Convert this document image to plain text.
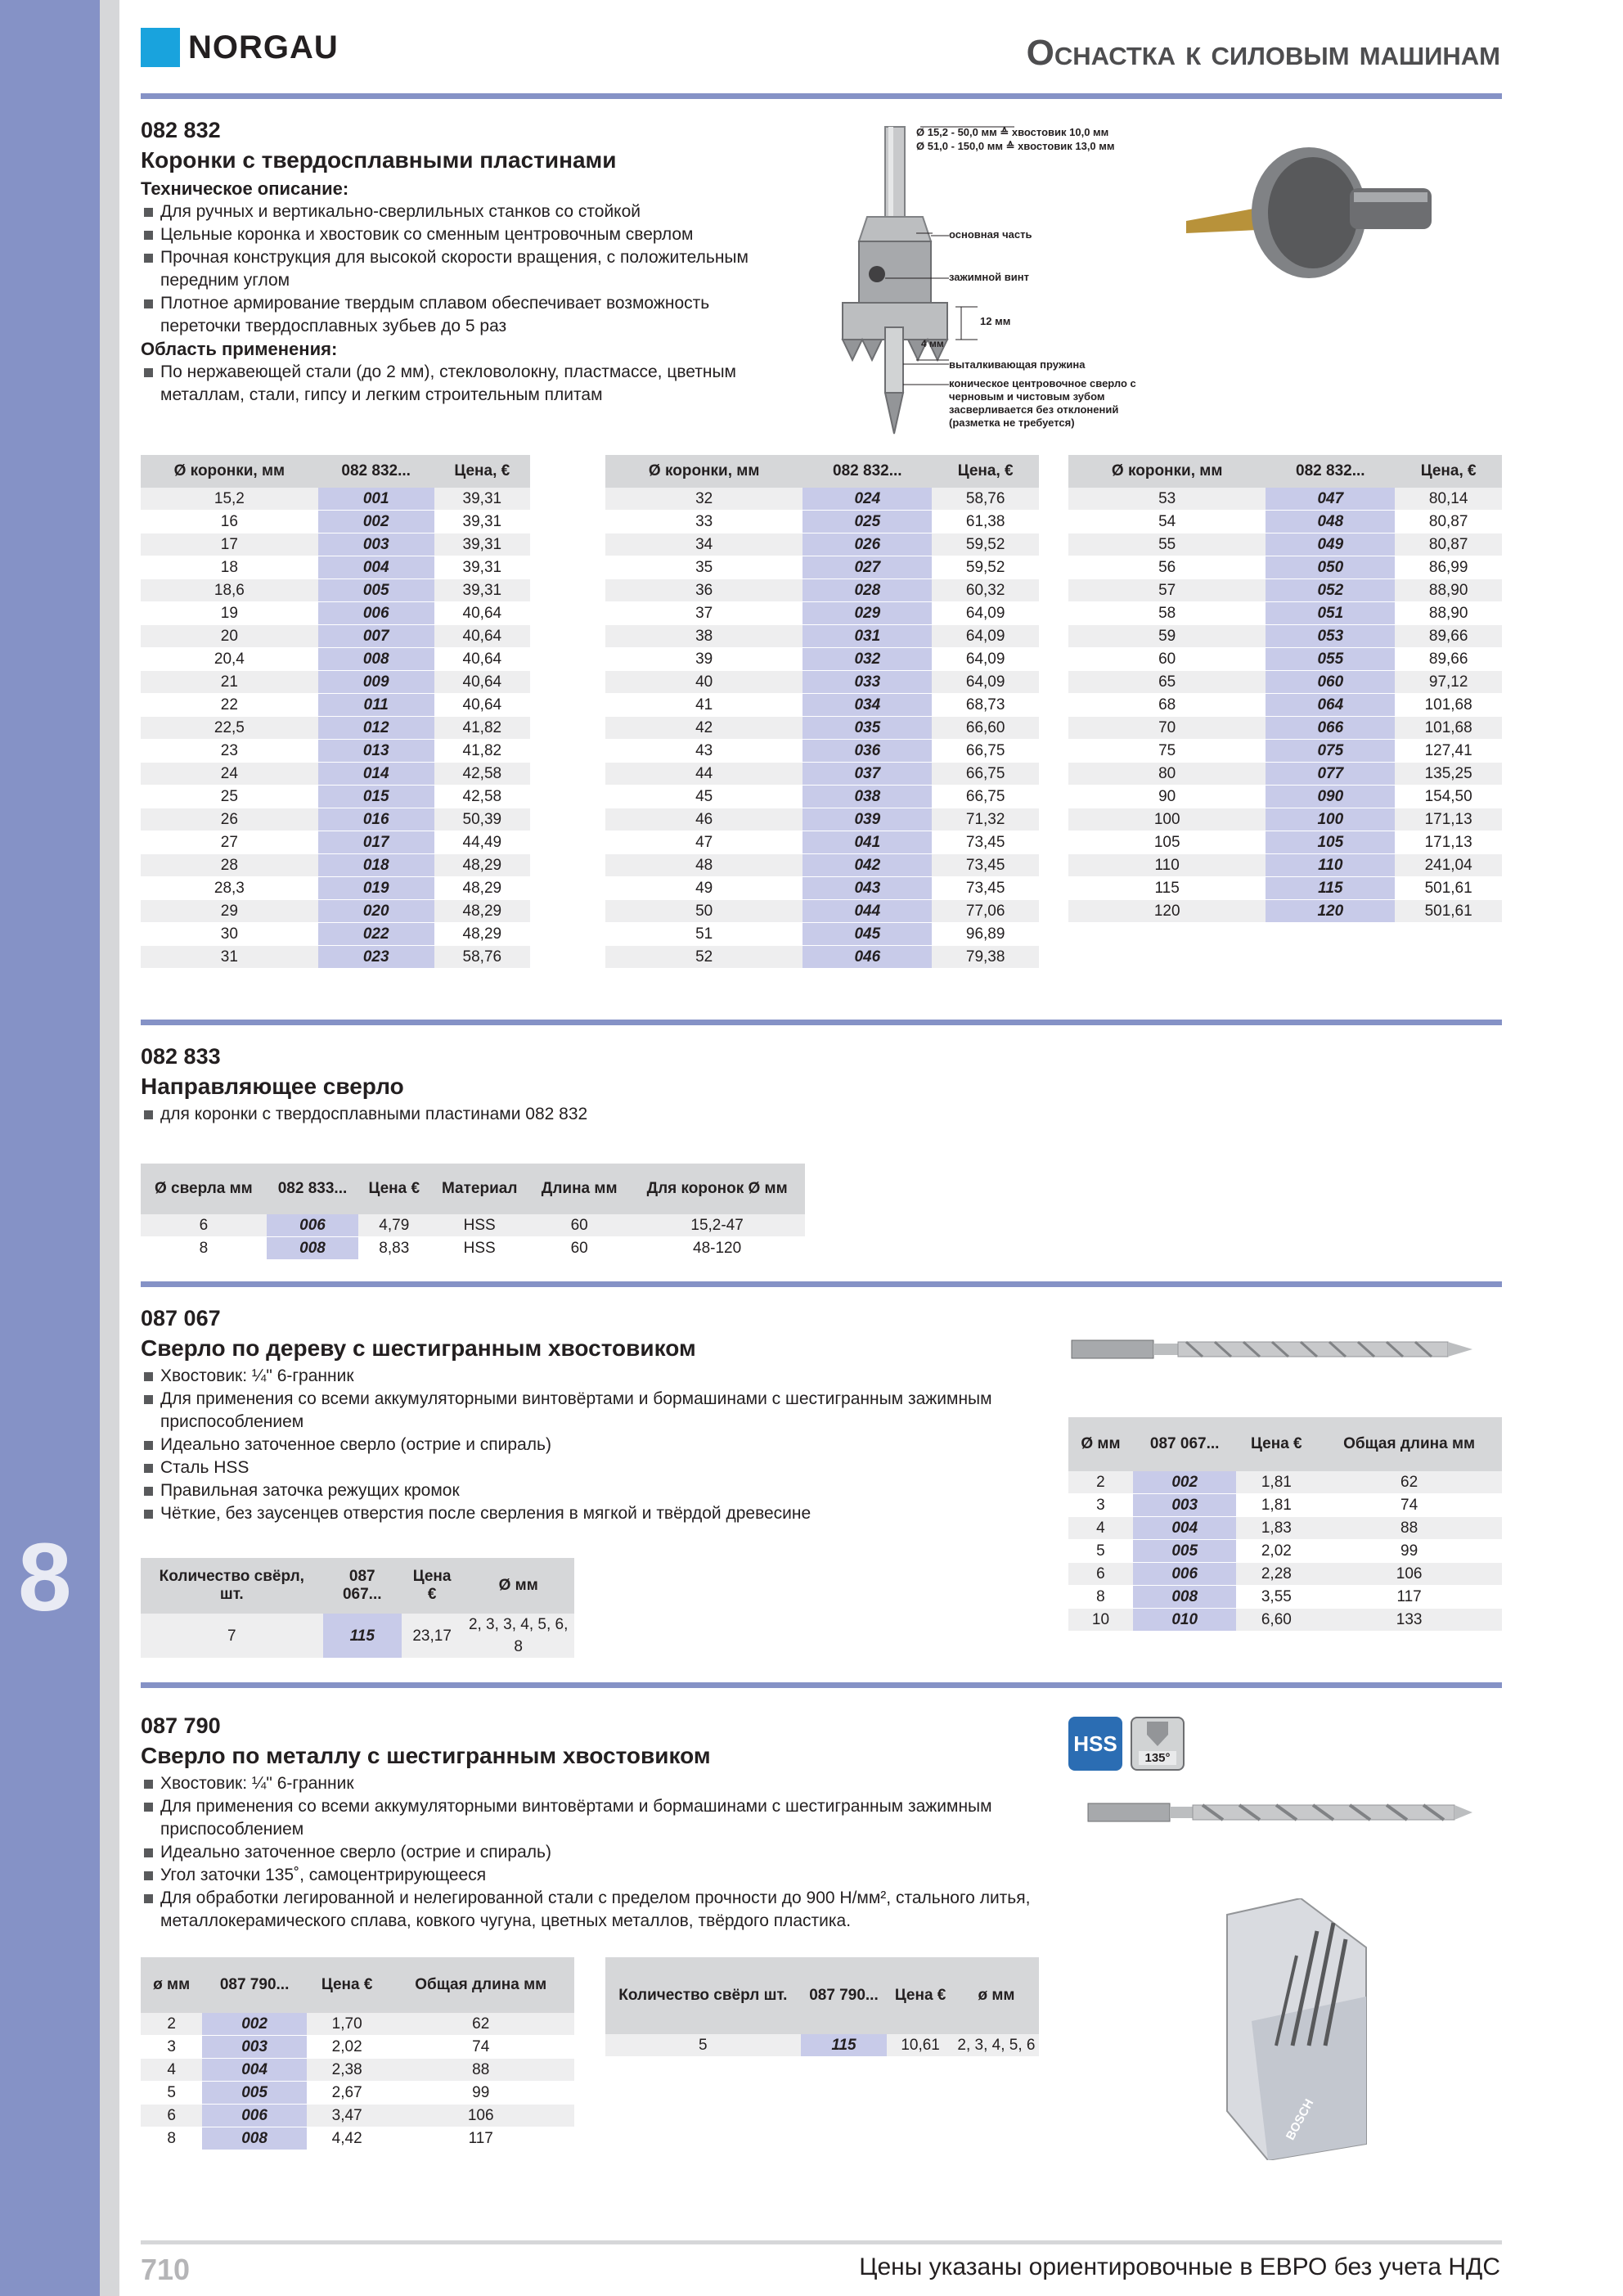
8
NORGAU	Оснастка к силовым машинам
082 832
Коронки с твердосплавными пластинами
Техническое описание:
Для ручных и вертикально-сверлильных станков со стойкой
Цельные коронка и хвостовик со сменным центровочным сверлом
Прочная конструкция для высокой скорости вращения, с положительным передним углом
Плотное армирование твердым сплавом обеспечивает возможность переточки твердосплавных зубьев до 5 раз
Область применения:
По нержавеющей стали (до 2 мм), стекловолокну, пластмассе, цветным металлам, стали, гипсу и легким строительным плитам
Ø 15,2 - 50,0 мм ≙ хвостовик 10,0 мм
Ø 51,0 - 150,0 мм ≙ хвостовик 13,0 мм
основная часть
зажимной винт
12 мм
4 мм
выталкивающая пружина
коническое центровочное сверло с черновым и чистовым зубом засверливается без отклонений (разметка не требуется)
Ø коронки, мм	082 832...	Цена, €
15,2	001	39,31
16	002	39,31
17	003	39,31
18	004	39,31
18,6	005	39,31
19	006	40,64
20	007	40,64
20,4	008	40,64
21	009	40,64
22	011	40,64
22,5	012	41,82
23	013	41,82
24	014	42,58
25	015	42,58
26	016	50,39
27	017	44,49
28	018	48,29
28,3	019	48,29
29	020	48,29
30	022	48,29
31	023	58,76
Ø коронки, мм	082 832...	Цена, €
32	024	58,76
33	025	61,38
34	026	59,52
35	027	59,52
36	028	60,32
37	029	64,09
38	031	64,09
39	032	64,09
40	033	64,09
41	034	68,73
42	035	66,60
43	036	66,75
44	037	66,75
45	038	66,75
46	039	71,32
47	041	73,45
48	042	73,45
49	043	73,45
50	044	77,06
51	045	96,89
52	046	79,38
Ø коронки, мм	082 832...	Цена, €
53	047	80,14
54	048	80,87
55	049	80,87
56	050	86,99
57	052	88,90
58	051	88,90
59	053	89,66
60	055	89,66
65	060	97,12
68	064	101,68
70	066	101,68
75	075	127,41
80	077	135,25
90	090	154,50
100	100	171,13
105	105	171,13
110	110	241,04
115	115	501,61
120	120	501,61
082 833
Направляющее сверло
для коронки с твердосплавными пластинами 082 832
Ø сверла мм	082 833...	Цена €	Материал	Длина мм	Для коронок Ø мм
6	006	4,79	HSS	60	15,2-47
8	008	8,83	HSS	60	48-120
087 067
Сверло по дереву с шестигранным хвостовиком
Хвостовик: ¼" 6-гранник
Для применения со всеми аккумуляторными винтовёртами и бормашинами с шестигранным зажимным приспособлением
Идеально заточенное сверло (острие и спираль)
Сталь HSS
Правильная заточка режущих кромок
Чёткие, без заусенцев отверстия после сверления в мягкой и твёрдой древесине
Количество свёрл, шт.	087 067...	Цена €	Ø мм
7	115	23,17	2, 3, 3, 4, 5, 6, 8
Ø мм	087 067...	Цена €	Общая длина мм
2	002	1,81	62
3	003	1,81	74
4	004	1,83	88
5	005	2,02	99
6	006	2,28	106
8	008	3,55	117
10	010	6,60	133
087 790
Сверло по металлу с шестигранным хвостовиком	HSS
135°
Хвостовик: ¼" 6-гранник
Для применения со всеми аккумуляторными винтовёртами и бормашинами с шестигранным зажимным приспособлением
Идеально заточенное сверло (острие и спираль)
Угол заточки 135˚, самоцентрирующееся
Для обработки легированной и нелегированной стали с пределом прочности до 900 Н/мм², стального литья, металлокерамического сплава, ковкого чугуна, цветных металлов, твёрдого пластика.
BOSCH
ø мм	087 790...	Цена €	Общая длина мм
2	002	1,70	62
3	003	2,02	74
4	004	2,38	88
5	005	2,67	99
6	006	3,47	106
8	008	4,42	117
Количество свёрл шт.	087 790...	Цена €	ø мм
5	115	10,61	2, 3, 4, 5, 6
710	Цены указаны ориентировочные в ЕВРО без учета НДС
